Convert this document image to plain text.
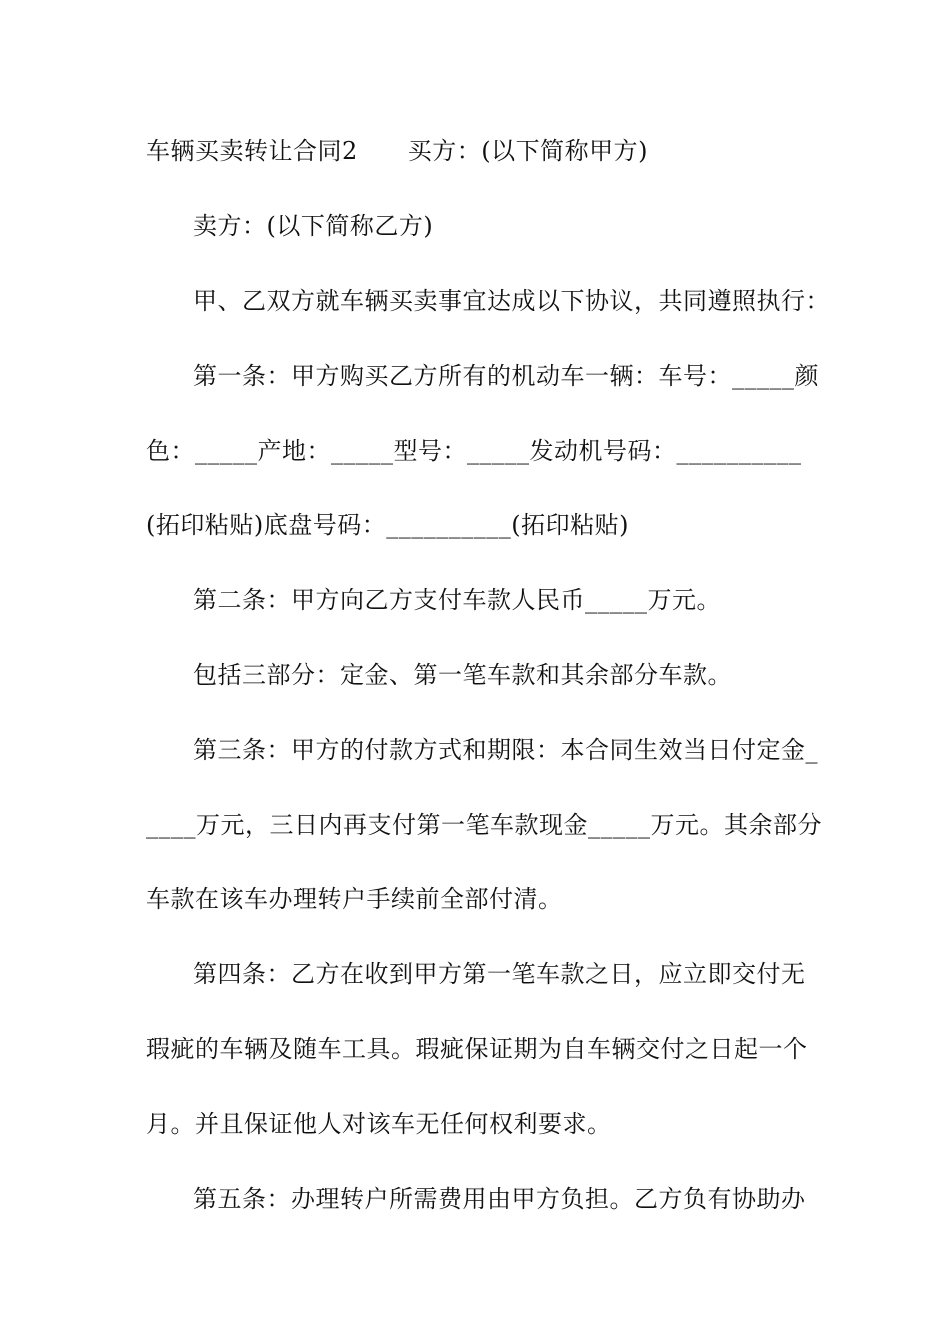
车辆买卖转让合同2 买方：(以下简称甲方)
卖方：(以下简称乙方)
甲、乙双方就车辆买卖事宜达成以下协议，共同遵照执行：
第一条：甲方购买乙方所有的机动车一辆：车号：_____颜
色：_____产地：_____型号：_____发动机号码：__________
(拓印粘贴)底盘号码：__________(拓印粘贴)
第二条：甲方向乙方支付车款人民币_____万元。
包括三部分：定金、第一笔车款和其余部分车款。
第三条：甲方的付款方式和期限：本合同生效当日付定金_
____万元，三日内再支付第一笔车款现金_____万元。其余部分
车款在该车办理转户手续前全部付清。
第四条：乙方在收到甲方第一笔车款之日，应立即交付无
瑕疵的车辆及随车工具。瑕疵保证期为自车辆交付之日起一个
月。并且保证他人对该车无任何权利要求。
第五条：办理转户所需费用由甲方负担。乙方负有协助办
